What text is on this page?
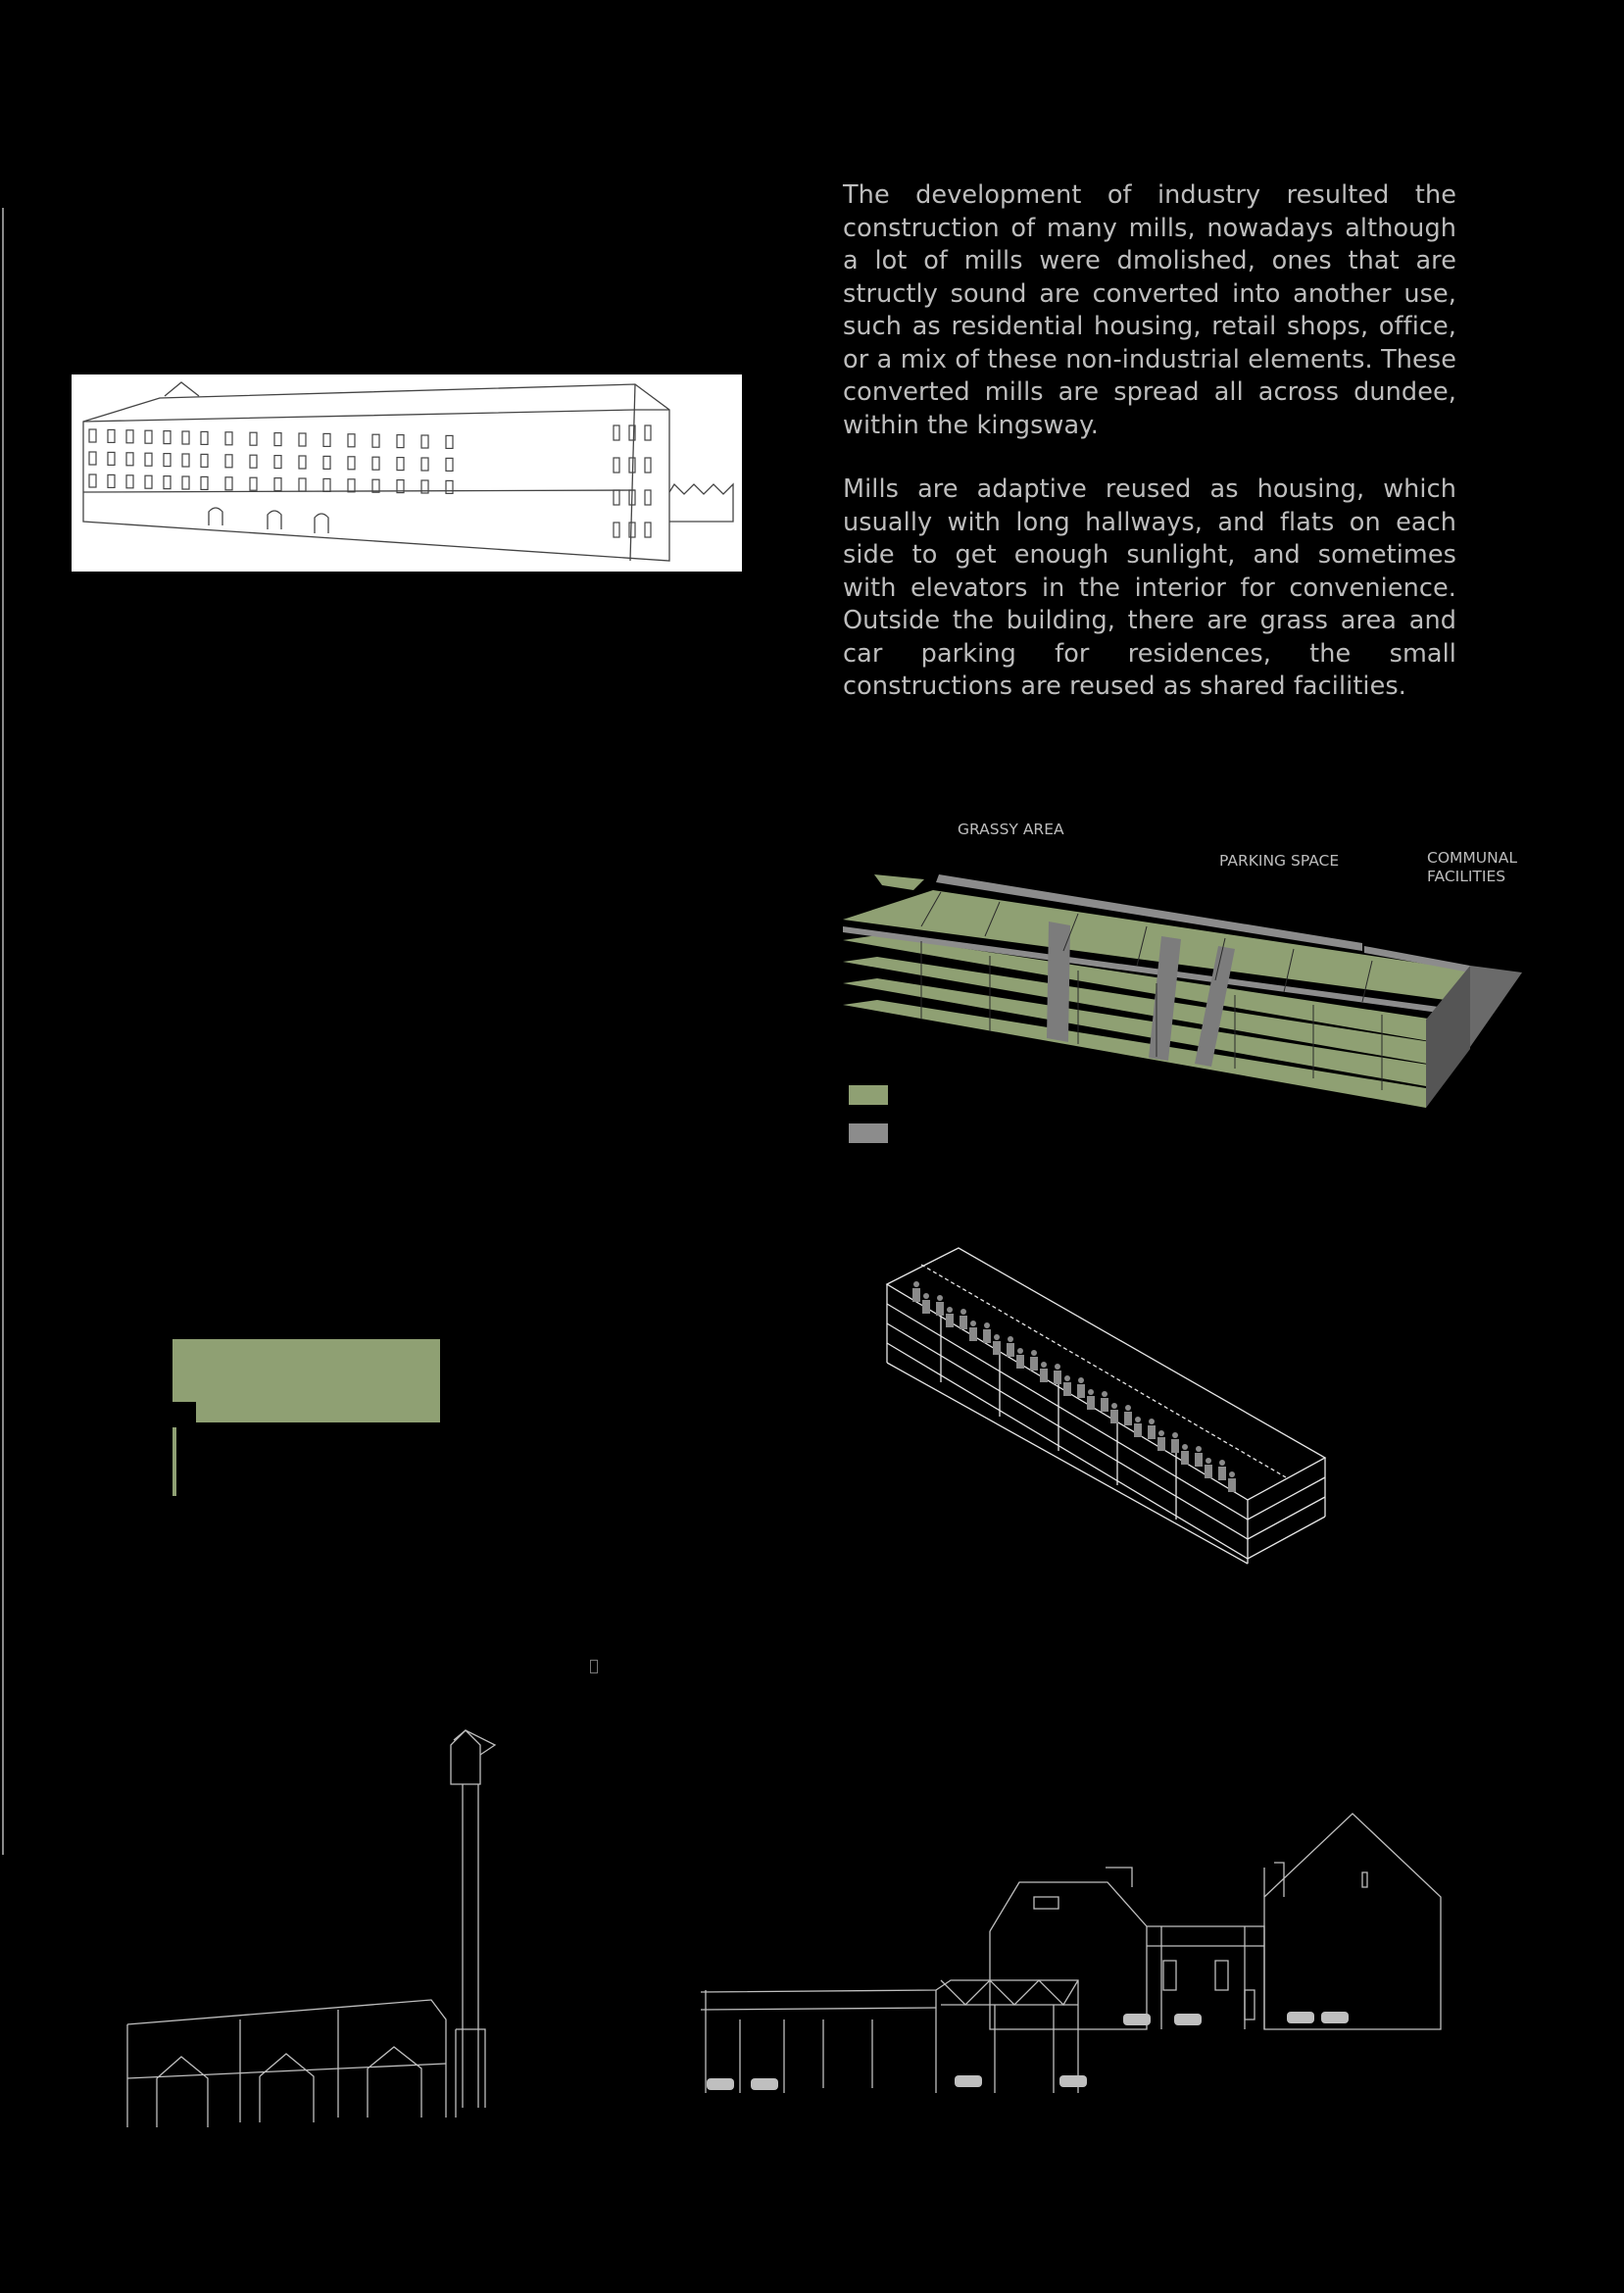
The development of industry resulted the construction of many mills, nowadays although a lot of mills were dmolished, ones that are structly sound are converted into another use, such as residential housing, retail shops, office, or a mix of these non-industrial elements. These converted mills are spread all across dundee, within the kingsway.
Mills are adaptive reused as housing, which usually with long hallways, and flats on each side to get enough sunlight, and sometimes with elevators in the interior for convenience. Outside the building, there are grass area and car parking for residences, the small constructions are reused as shared facilities.
GRASSY AREA
PARKING SPACE	COMMUNAL
FACILITIES
